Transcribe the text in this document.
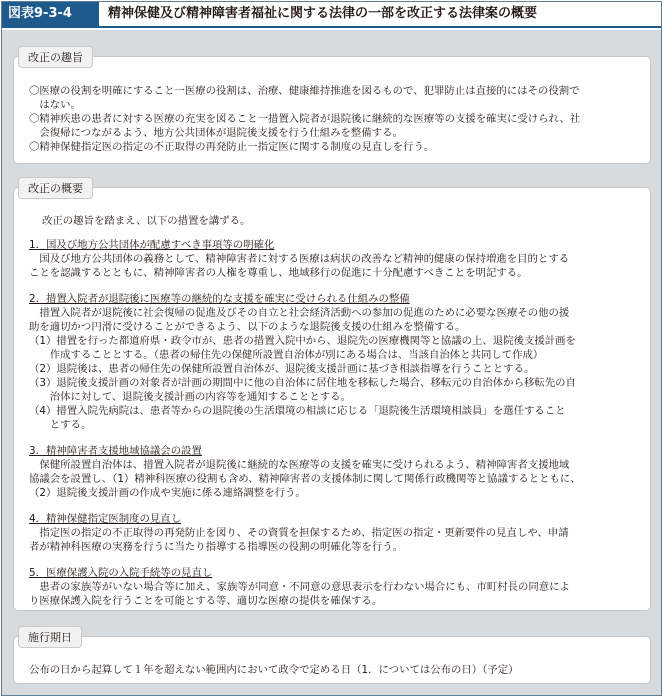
図表9-3-4	精神保健及び精神障害者福祉に関する法律の一部を改正する法律案の概要
〇医療の役割を明確にすること一医療の役割は、治療、健康維持推進を図るもので、犯罪防止は直接的にはその役割で
　はない。
〇精神疾患の患者に対する医療の充実を図ること一措置入院者が退院後に継続的な医療等の支援を確実に受けられ、社
　会復帰につながるよう、地方公共団体が退院後支援を行う仕組みを整備する。
〇精神保健指定医の指定の不正取得の再発防止一指定医に関する制度の見直しを行う。
改正の趣旨
改正の趣旨を踏まえ、以下の措置を講ずる。
1．国及び地方公共団体が配慮すべき事項等の明確化
　国及び地方公共団体の義務として、精神障害者に対する医療は病状の改善など精神的健康の保持増進を目的とする
ことを認識するとともに、精神障害者の人権を尊重し、地域移行の促進に十分配慮すべきことを明記する。
2．措置入院者が退院後に医療等の継続的な支援を確実に受けられる仕組みの整備
　措置入院者が退院後に社会復帰の促進及びその自立と社会経済活動への参加の促進のために必要な医療その他の援
助を適切かつ円滑に受けることができるよう、以下のような退院後支援の仕組みを整備する。
（1）措置を行った都道府県・政令市が、患者の措置入院中から、退院先の医療機関等と協議の上、退院後支援計画を
　　作成することとする。（患者の帰住先の保健所設置自治体が別にある場合は、当該自治体と共同して作成）
（2）退院後は、患者の帰住先の保健所設置自治体が、退院後支援計画に基づき相談指導を行うこととする。
（3）退院後支援計画の対象者が計画の期間中に他の自治体に居住地を移転した場合、移転元の自治体から移転先の自
　　治体に対して、退院後支援計画の内容等を通知することとする。
（4）措置入院先病院は、患者等からの退院後の生活環境の相談に応じる「退院後生活環境相談員」を選任すること
　　とする。
3．精神障害者支援地域協議会の設置
　保健所設置自治体は、措置入院者が退院後に継続的な医療等の支援を確実に受けられるよう、精神障害者支援地域
協議会を設置し、（1）精神科医療の役割も含め、精神障害者の支援体制に関して関係行政機関等と協議するとともに、
（2）退院後支援計画の作成や実施に係る連絡調整を行う。
4．精神保健指定医制度の見直し
　指定医の指定の不正取得の再発防止を図り、その資質を担保するため、指定医の指定・更新要件の見直しや、申請
者が精神科医療の実務を行うに当たり指導する指導医の役割の明確化等を行う。
5．医療保護入院の入院手続等の見直し
　患者の家族等がいない場合等に加え、家族等が同意・不同意の意思表示を行わない場合にも、市町村長の同意によ
り医療保護入院を行うことを可能とする等、適切な医療の提供を確保する。
改正の概要
公布の日から起算して１年を超えない範囲内において政令で定める日（1．については公布の日）（予定）
施行期日
